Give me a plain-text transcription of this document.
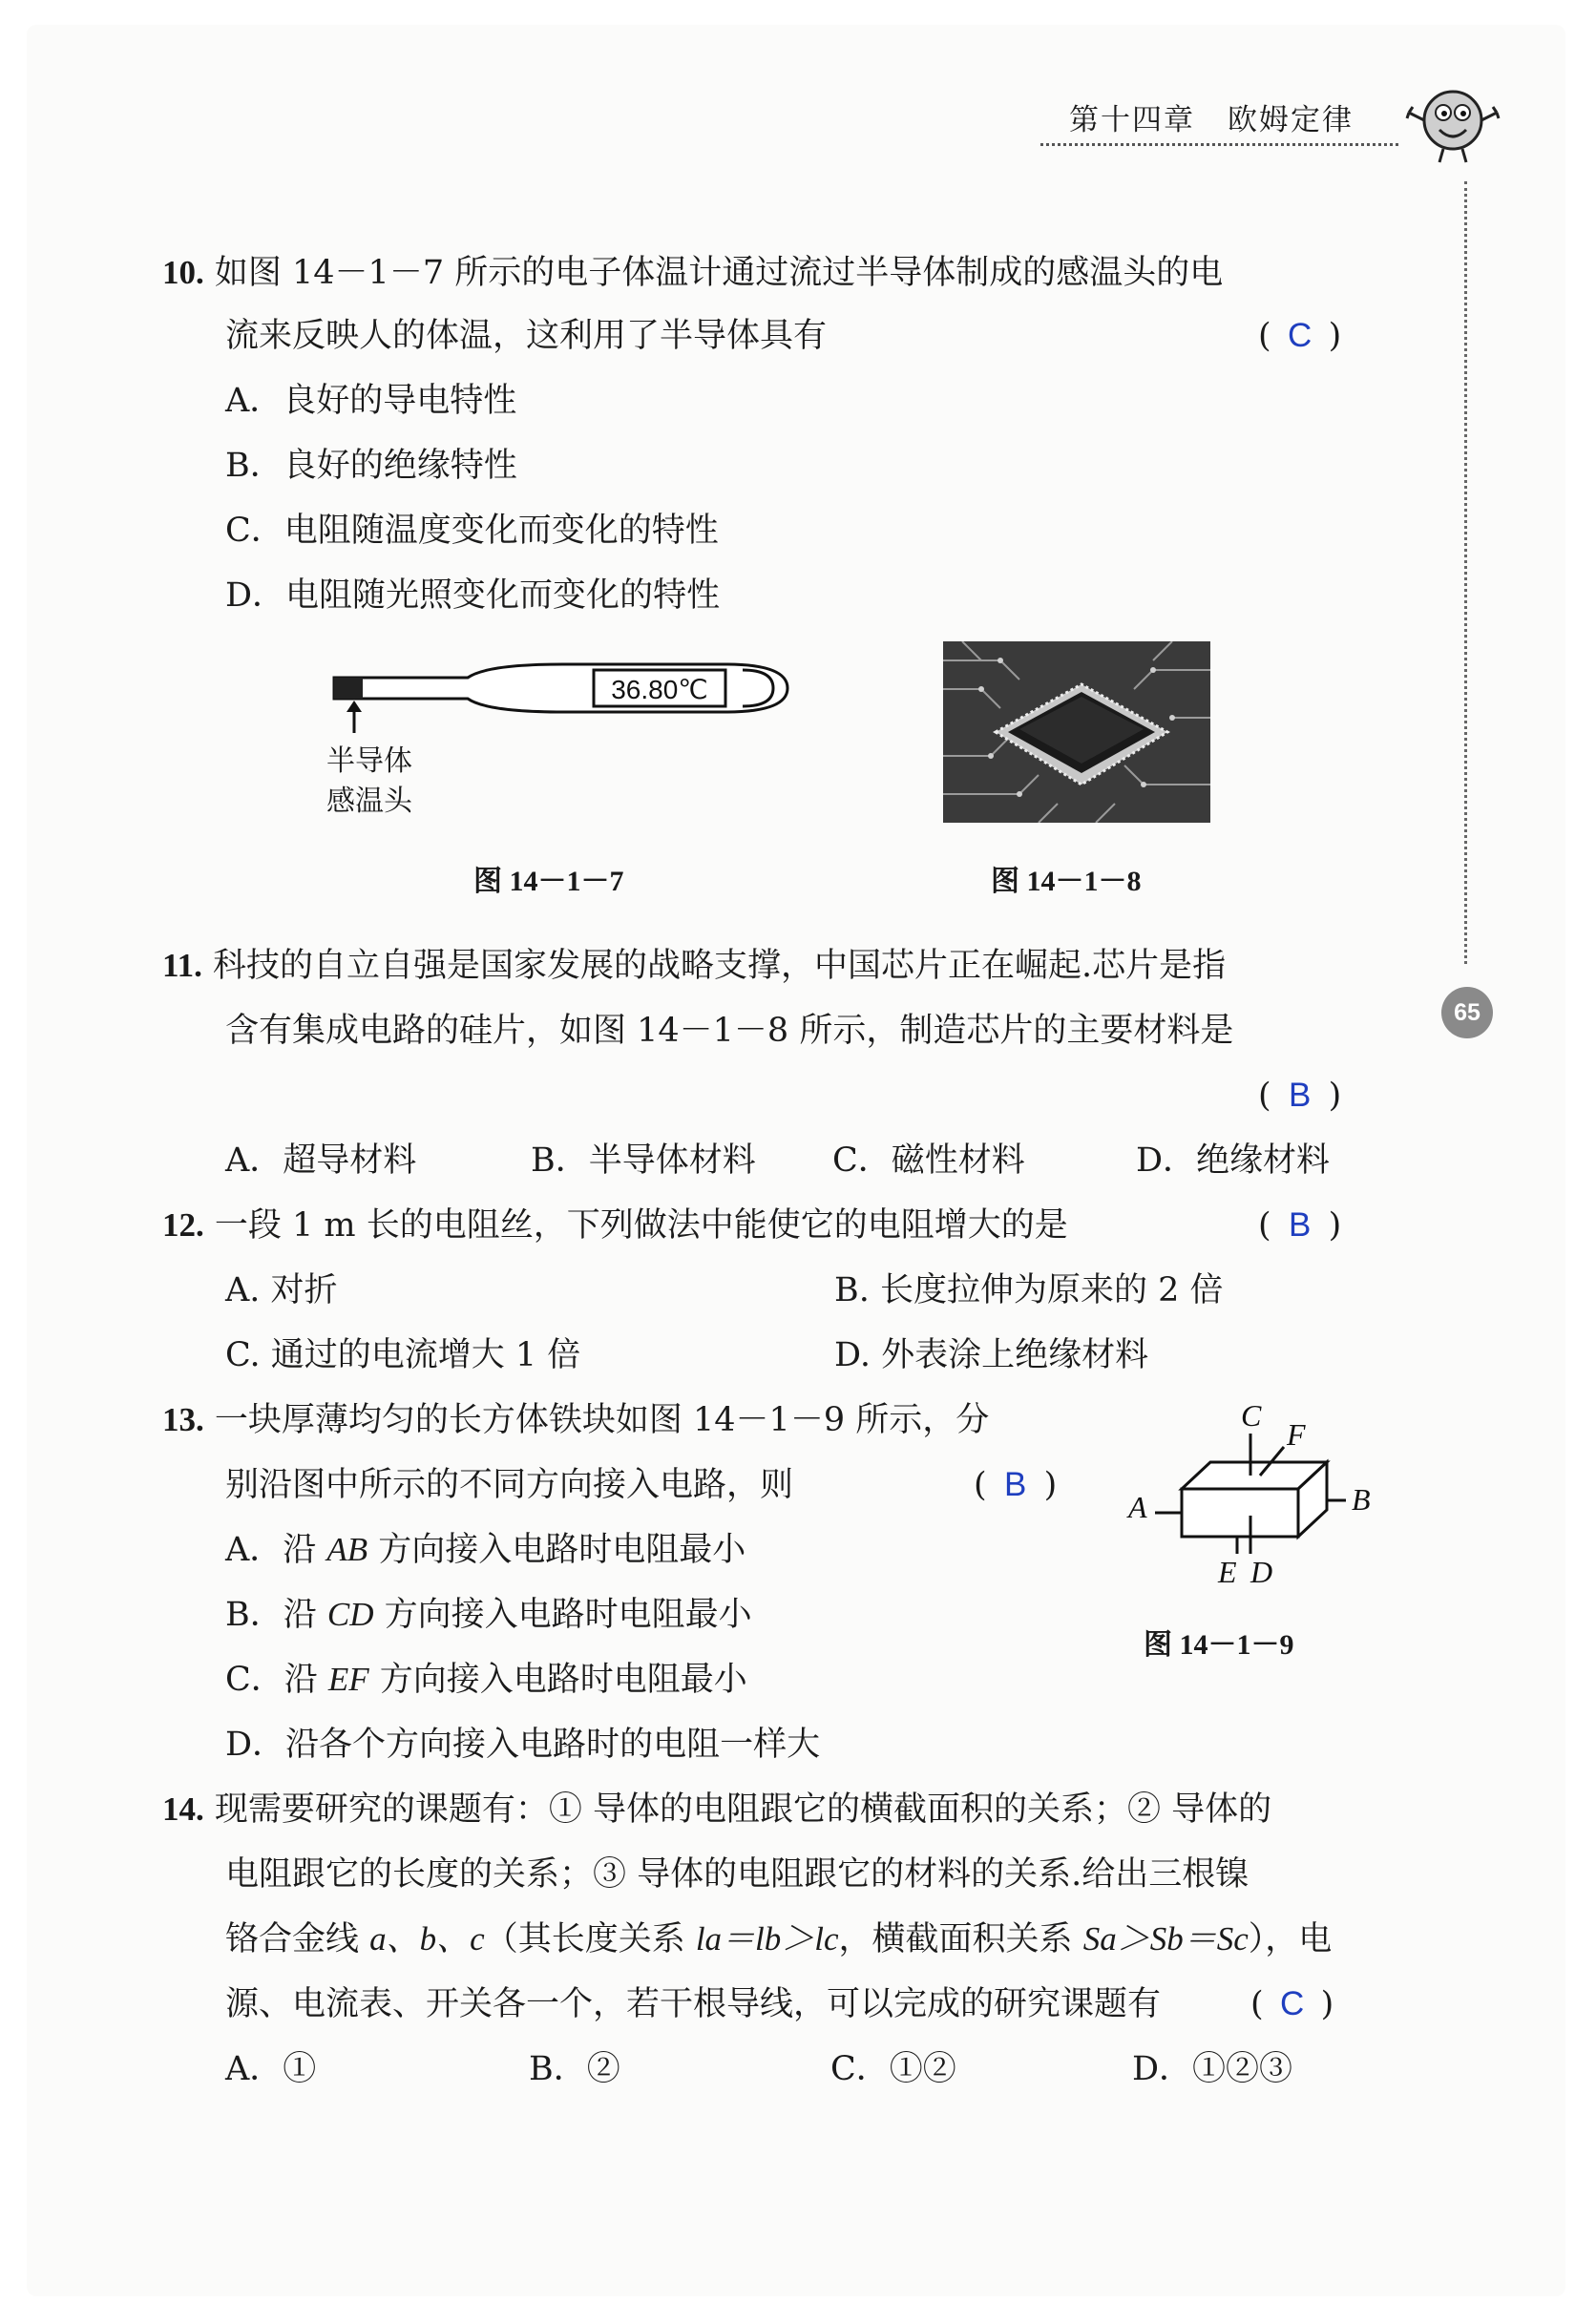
第十四章 欧姆定律
65
10. 如图 14－1－7 所示的电子体温计通过流过半导体制成的感温头的电
流来反映人的体温，这利用了半导体具有	( C )
A．良好的导电特性
B．良好的绝缘特性
C．电阻随温度变化而变化的特性
D．电阻随光照变化而变化的特性
36.80℃
半导体
感温头
图 14－1－7	图 14－1－8
11. 科技的自立自强是国家发展的战略支撑，中国芯片正在崛起.芯片是指
含有集成电路的硅片，如图 14－1－8 所示，制造芯片的主要材料是
( B )
A．超导材料	B．半导体材料 C．磁性材料	D．绝缘材料
12. 一段 1 m 长的电阻丝，下列做法中能使它的电阻增大的是	( B )
A. 对折	B. 长度拉伸为原来的 2 倍
C. 通过的电流增大 1 倍	D. 外表涂上绝缘材料
13. 一块厚薄均匀的长方体铁块如图 14－1－9 所示，分
别沿图中所示的不同方向接入电路，则	( B )
A．沿 AB 方向接入电路时电阻最小
B．沿 CD 方向接入电路时电阻最小
C．沿 EF 方向接入电路时电阻最小
D．沿各个方向接入电路时的电阻一样大
C
F
A	B
E D
图 14－1－9
14. 现需要研究的课题有：① 导体的电阻跟它的横截面积的关系；② 导体的
电阻跟它的长度的关系；③ 导体的电阻跟它的材料的关系.给出三根镍
铬合金线 a、b、c（其长度关系 la＝lb＞lc，横截面积关系 Sa＞Sb＝Sc），电
源、电流表、开关各一个，若干根导线，可以完成的研究课题有	( C )
A．①	B．②	C．①②	D．①②③
